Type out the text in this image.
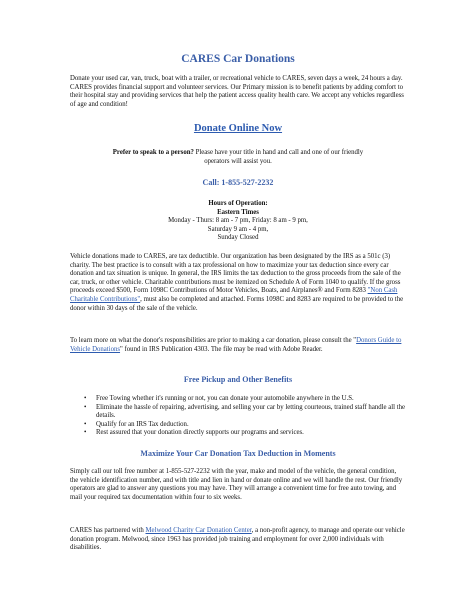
CARES Car Donations

Donate your used car, van, truck, boat with a trailer, or recreational vehicle to CARES, seven days a week, 24 hours a day. CARES provides financial support and volunteer services. Our Primary mission is to benefit patients by adding comfort to their hospital stay and providing services that help the patient access quality health care. We accept any vehicles regardless of age and condition!

Donate Online Now

Prefer to speak to a person? Please have your title in hand and call and one of our friendly operators will assist you.

Call: 1-855-527-2232
Hours of Operation:
Eastern Times
Monday - Thurs: 8 am - 7 pm, Friday: 8 am - 9 pm,
Saturday 9 am - 4 pm,
Sunday Closed

Vehicle donations made to CARES, are tax deductible. Our organization has been designated by the IRS as a 501c (3) charity. The best practice is to consult with a tax professional on how to maximize your tax deduction since every car donation and tax situation is unique. In general, the IRS limits the tax deduction to the gross proceeds from the sale of the car, truck, or other vehicle. Charitable contributions must be itemized on Schedule A of Form 1040 to qualify. If the gross proceeds exceed $500, Form 1098C Contributions of Motor Vehicles, Boats, and Airplanes® and Form 8283 "Non Cash Charitable Contributions", must also be completed and attached. Forms 1098C and 8283 are required to be provided to the donor within 30 days of the sale of the vehicle.

To learn more on what the donor's responsibilities are prior to making a car donation, please consult the "Donors Guide to Vehicle Donations" found in IRS Publication 4303. The file may be read with Adobe Reader.

Free Pickup and Other Benefits
• Free Towing whether it's running or not, you can donate your automobile anywhere in the U.S.
• Eliminate the hassle of repairing, advertising, and selling your car by letting courteous, trained staff handle all the details.
• Qualify for an IRS Tax deduction.
• Rest assured that your donation directly supports our programs and services.
Maximize Your Car Donation Tax Deduction in Moments

Simply call our toll free number at 1-855-527-2232 with the year, make and model of the vehicle, the general condition, the vehicle identification number, and with title and lien in hand or donate online and we will handle the rest. Our friendly operators are glad to answer any questions you may have. They will arrange a convenient time for free auto towing, and mail your required tax documentation within four to six weeks.

CARES has partnered with Melwood Charity Car Donation Center, a non-profit agency, to manage and operate our vehicle donation program. Melwood, since 1963 has provided job training and employment for over 2,000 individuals with disabilities.
